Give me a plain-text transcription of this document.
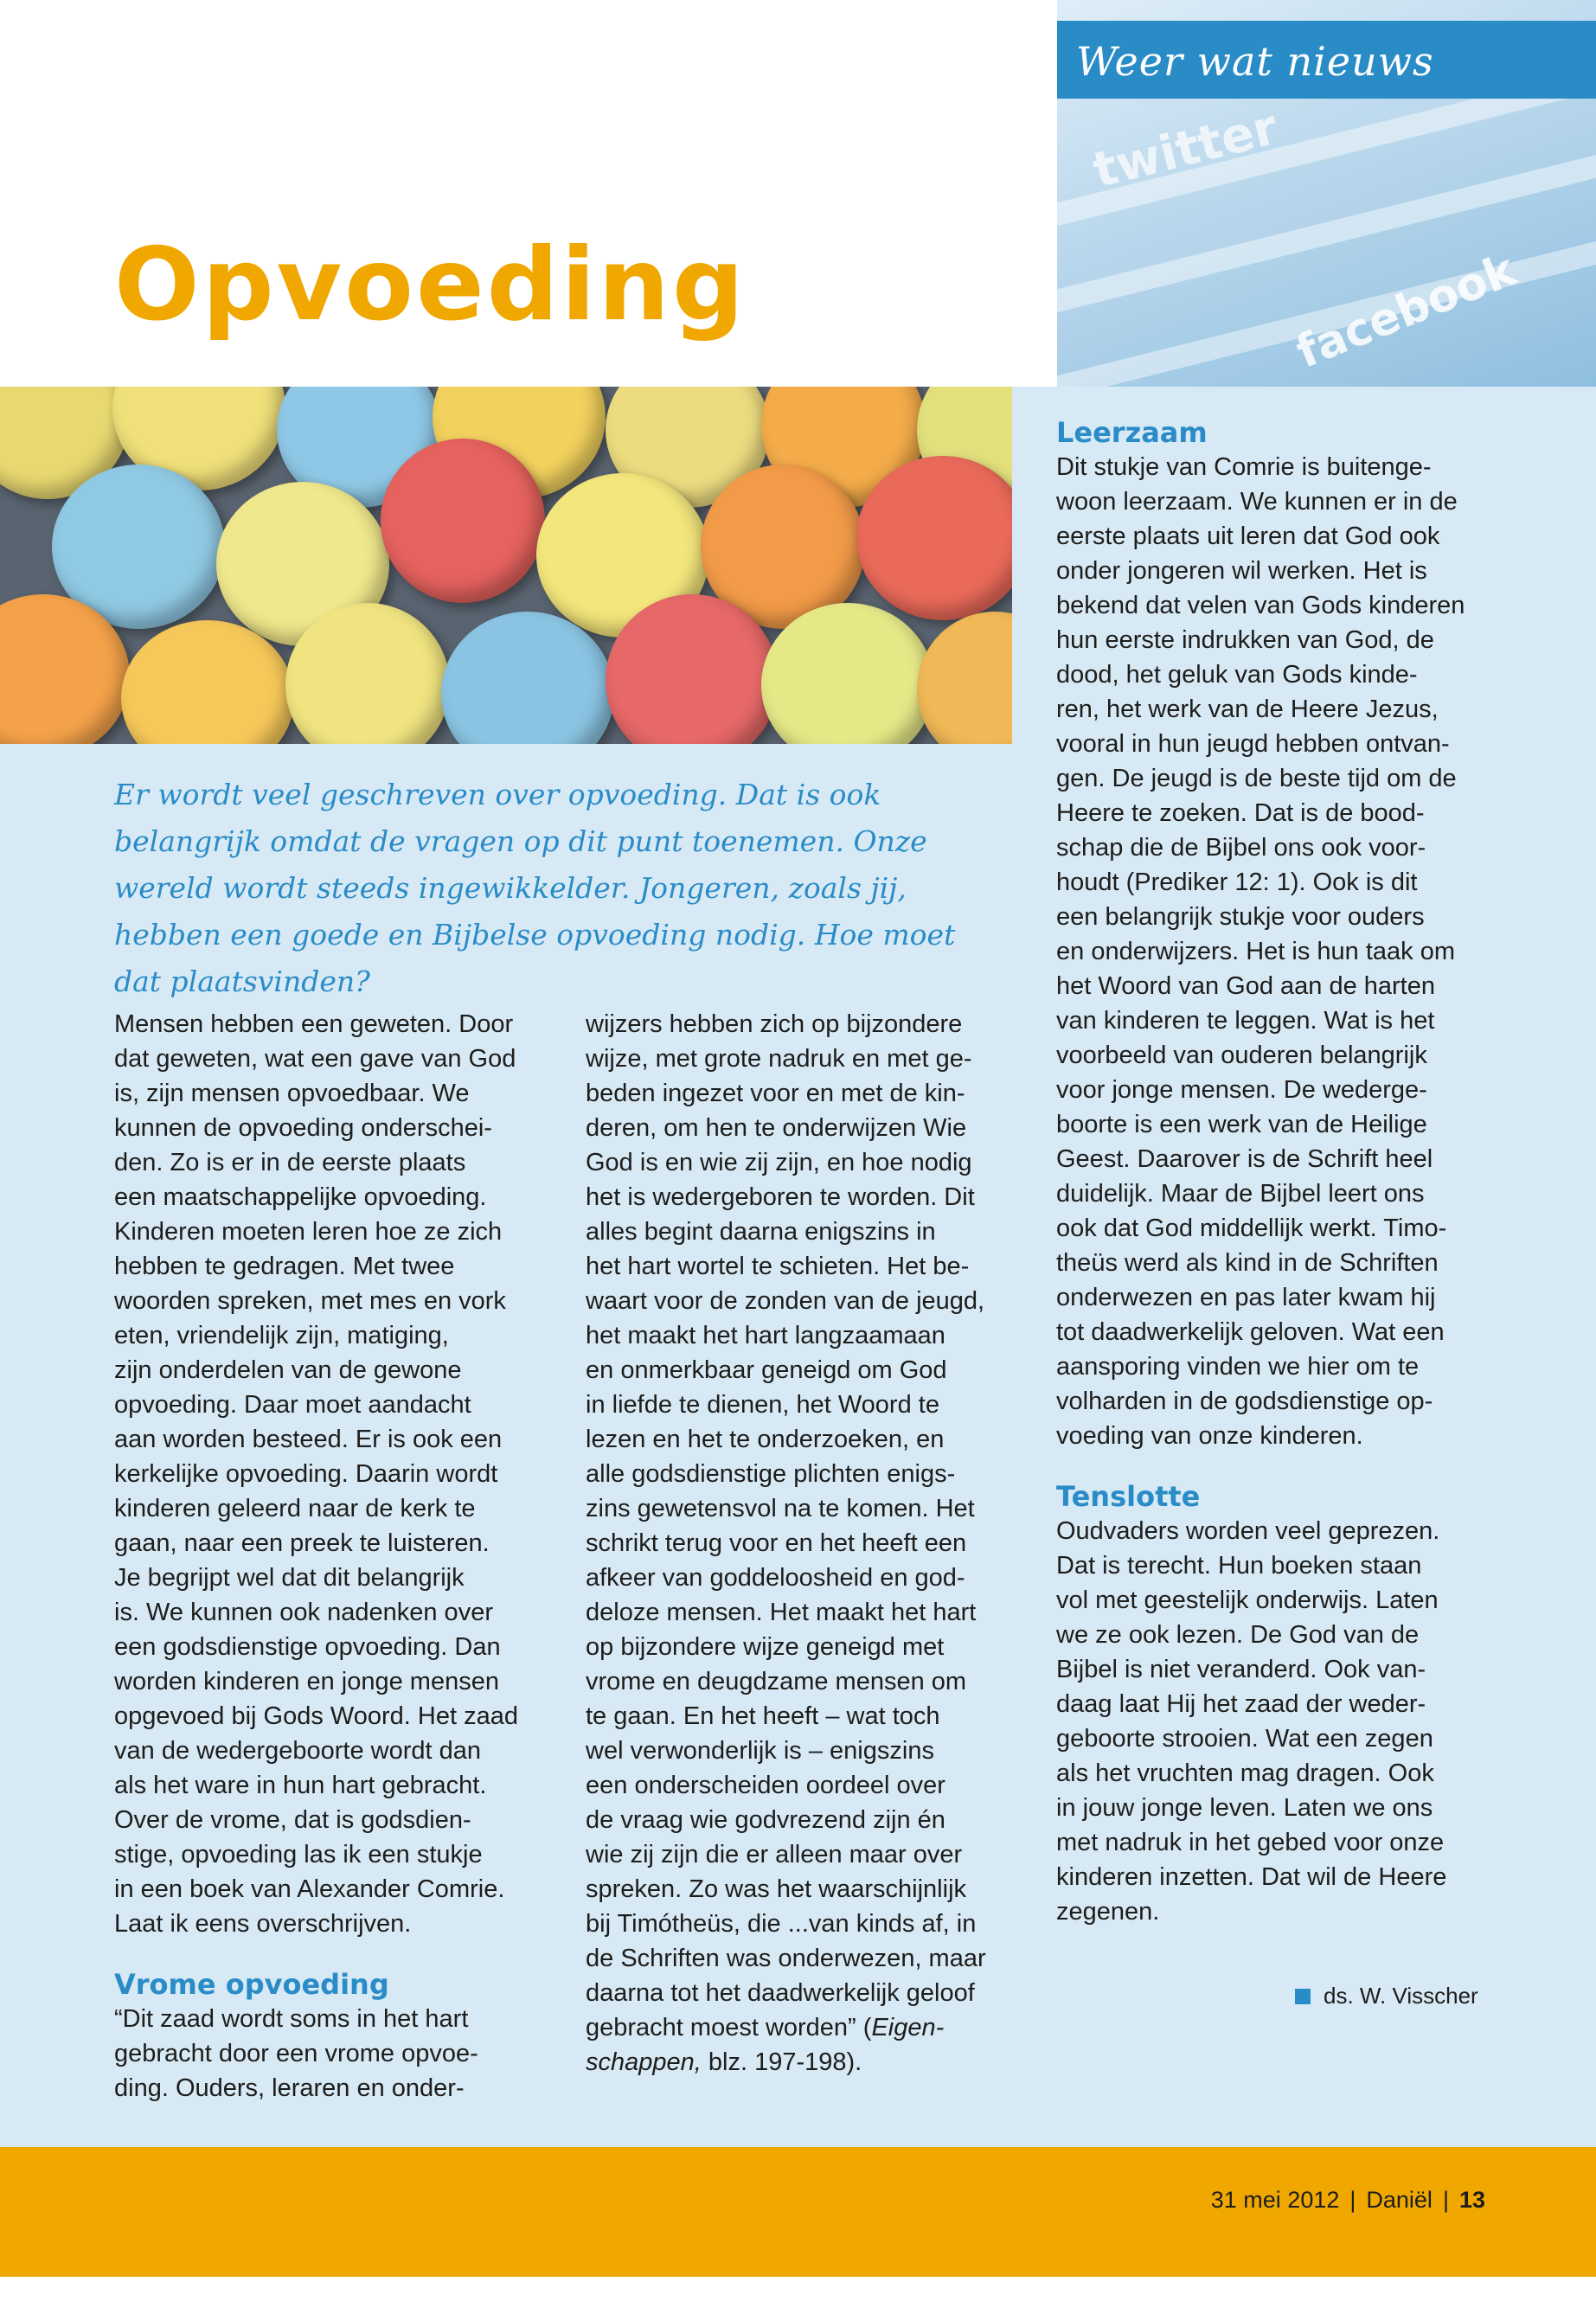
twitter
facebook
Weer wat nieuws
Opvoeding

Er wordt veel geschreven over opvoeding. Dat is ook belangrijk omdat de vragen op dit punt toenemen. Onze wereld wordt steeds ingewikkelder. Jongeren, zoals jij, hebben een goede en Bijbelse opvoeding nodig. Hoe moet dat plaatsvinden?

Mensen hebben een geweten. Door
dat geweten, wat een gave van God
is, zijn mensen opvoedbaar. We
kunnen de opvoeding onderschei-
den. Zo is er in de eerste plaats
een maatschappelijke opvoeding.
Kinderen moeten leren hoe ze zich
hebben te gedragen. Met twee
woorden spreken, met mes en vork
eten, vriendelijk zijn, matiging,
zijn onderdelen van de gewone
opvoeding. Daar moet aandacht
aan worden besteed. Er is ook een
kerkelijke opvoeding. Daarin wordt
kinderen geleerd naar de kerk te
gaan, naar een preek te luisteren.
Je begrijpt wel dat dit belangrijk
is. We kunnen ook nadenken over
een godsdienstige opvoeding. Dan
worden kinderen en jonge mensen
opgevoed bij Gods Woord. Het zaad
van de wedergeboorte wordt dan
als het ware in hun hart gebracht.
Over de vrome, dat is godsdien-
stige, opvoeding las ik een stukje
in een boek van Alexander Comrie.
Laat ik eens overschrijven.

Vrome opvoeding

“Dit zaad wordt soms in het hart
gebracht door een vrome opvoe-
ding. Ouders, leraren en onder-

wijzers hebben zich op bijzondere
wijze, met grote nadruk en met ge-
beden ingezet voor en met de kin-
deren, om hen te onderwijzen Wie
God is en wie zij zijn, en hoe nodig
het is wedergeboren te worden. Dit
alles begint daarna enigszins in
het hart wortel te schieten. Het be-
waart voor de zonden van de jeugd,
het maakt het hart langzaamaan
en onmerkbaar geneigd om God
in liefde te dienen, het Woord te
lezen en het te onderzoeken, en
alle godsdienstige plichten enigs-
zins gewetensvol na te komen. Het
schrikt terug voor en het heeft een
afkeer van goddeloosheid en god-
deloze mensen. Het maakt het hart
op bijzondere wijze geneigd met
vrome en deugdzame mensen om
te gaan. En het heeft – wat toch
wel verwonderlijk is – enigszins
een onderscheiden oordeel over
de vraag wie godvrezend zijn én
wie zij zijn die er alleen maar over
spreken. Zo was het waarschijnlijk
bij Timótheüs, die ...van kinds af, in
de Schriften was onderwezen, maar
daarna tot het daadwerkelijk geloof
gebracht moest worden” (Eigen-
schappen, blz. 197-198).

Leerzaam

Dit stukje van Comrie is buitenge-
woon leerzaam. We kunnen er in de
eerste plaats uit leren dat God ook
onder jongeren wil werken. Het is
bekend dat velen van Gods kinderen
hun eerste indrukken van God, de
dood, het geluk van Gods kinde-
ren, het werk van de Heere Jezus,
vooral in hun jeugd hebben ontvan-
gen. De jeugd is de beste tijd om de
Heere te zoeken. Dat is de bood-
schap die de Bijbel ons ook voor-
houdt (Prediker 12: 1). Ook is dit
een belangrijk stukje voor ouders
en onderwijzers. Het is hun taak om
het Woord van God aan de harten
van kinderen te leggen. Wat is het
voorbeeld van ouderen belangrijk
voor jonge mensen. De wederge-
boorte is een werk van de Heilige
Geest. Daarover is de Schrift heel
duidelijk. Maar de Bijbel leert ons
ook dat God middellijk werkt. Timo-
theüs werd als kind in de Schriften
onderwezen en pas later kwam hij
tot daadwerkelijk geloven. Wat een
aansporing vinden we hier om te
volharden in de godsdienstige op-
voeding van onze kinderen.

Tenslotte

Oudvaders worden veel geprezen.
Dat is terecht. Hun boeken staan
vol met geestelijk onderwijs. Laten
we ze ook lezen. De God van de
Bijbel is niet veranderd. Ook van-
daag laat Hij het zaad der weder-
geboorte strooien. Wat een zegen
als het vruchten mag dragen. Ook
in jouw jonge leven. Laten we ons
met nadruk in het gebed voor onze
kinderen inzetten. Dat wil de Heere
zegenen.

ds. W. Visscher
31 mei 2012 | Daniël | 13
